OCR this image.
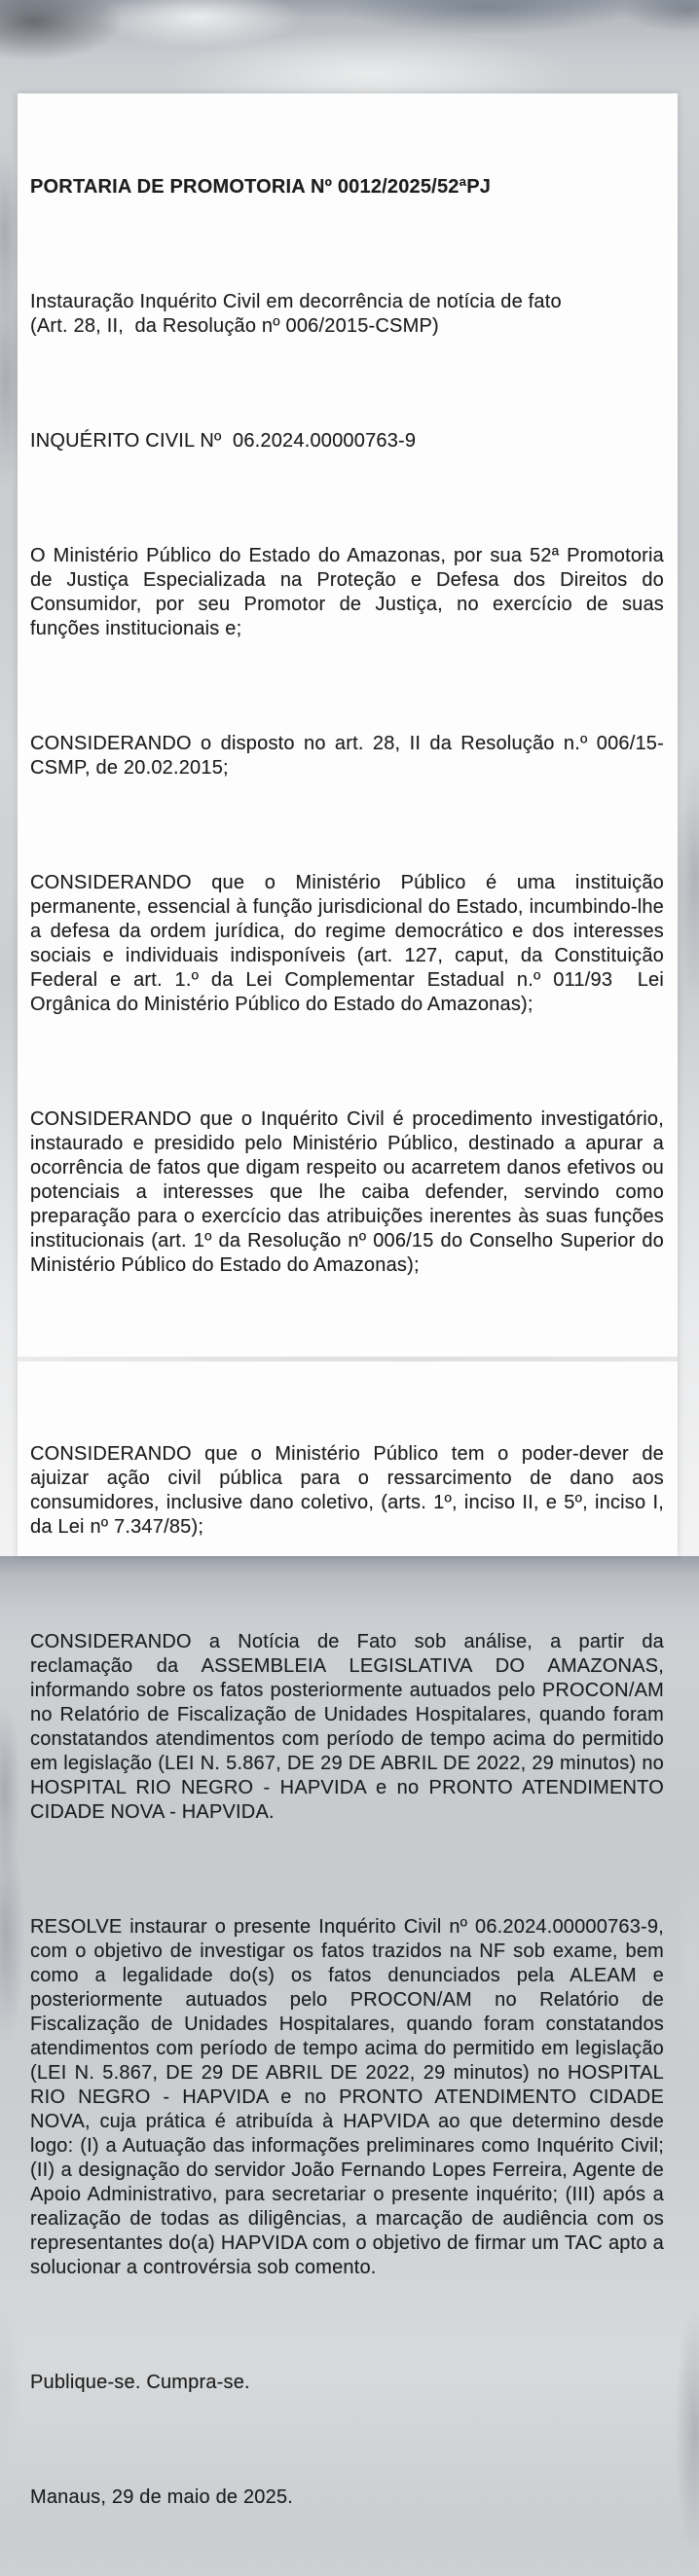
PORTARIA DE PROMOTORIA Nº 0012/2025/52ªPJ

Instauração Inquérito Civil em decorrência de notícia de fato
(Art. 28, II,  da Resolução nº 006/2015-CSMP)

INQUÉRITO CIVIL Nº  06.2024.00000763-9

O Ministério Público do Estado do Amazonas, por sua 52ª Promotoria de Justiça Especializada na Proteção e Defesa dos Direitos do Consumidor, por seu Promotor de Justiça, no exercício de suas funções institucionais e;

CONSIDERANDO o disposto no art. 28, II da Resolução n.º 006/15-CSMP, de 20.02.2015;

CONSIDERANDO que o Ministério Público é uma instituição permanente, essencial à função jurisdicional do Estado, incumbindo-lhe a defesa da ordem jurídica, do regime democrático e dos interesses sociais e individuais indisponíveis (art. 127, caput, da Constituição Federal e art. 1.º da Lei Complementar Estadual n.º 011/93  Lei Orgânica do Ministério Público do Estado do Amazonas);

CONSIDERANDO que o Inquérito Civil é procedimento investigatório, instaurado e presidido pelo Ministério Público, destinado a apurar a ocorrência de fatos que digam respeito ou acarretem danos efetivos ou potenciais a interesses que lhe caiba defender, servindo como preparação para o exercício das atribuições inerentes às suas funções institucionais (art. 1º da Resolução nº 006/15 do Conselho Superior do Ministério Público do Estado do Amazonas);

CONSIDERANDO que o Ministério Público tem o poder-dever de ajuizar ação civil pública para o ressarcimento de dano aos consumidores, inclusive dano coletivo, (arts. 1º, inciso II, e 5º, inciso I, da Lei nº 7.347/85);

CONSIDERANDO a Notícia de Fato sob análise, a partir da reclamação da ASSEMBLEIA LEGISLATIVA DO AMAZONAS, informando sobre os fatos posteriormente autuados pelo PROCON/AM no Relatório de Fiscalização de Unidades Hospitalares, quando foram constatandos atendimentos com período de tempo acima do permitido em legislação (LEI N. 5.867, DE 29 DE ABRIL DE 2022, 29 minutos) no HOSPITAL RIO NEGRO - HAPVIDA e no PRONTO ATENDIMENTO CIDADE NOVA - HAPVIDA.

RESOLVE instaurar o presente Inquérito Civil nº 06.2024.00000763-9, com o objetivo de investigar os fatos trazidos na NF sob exame, bem como a legalidade do(s) os fatos denunciados pela ALEAM e posteriormente autuados pelo PROCON/AM no Relatório de Fiscalização de Unidades Hospitalares, quando foram constatandos atendimentos com período de tempo acima do permitido em legislação (LEI N. 5.867, DE 29 DE ABRIL DE 2022, 29 minutos) no HOSPITAL RIO NEGRO - HAPVIDA e no PRONTO ATENDIMENTO CIDADE NOVA, cuja prática é atribuída à HAPVIDA ao que determino desde logo: (I) a Autuação das informações preliminares como Inquérito Civil; (II) a designação do servidor João Fernando Lopes Ferreira, Agente de Apoio Administrativo, para secretariar o presente inquérito; (III) após a realização de todas as diligências, a marcação de audiência com os representantes do(a) HAPVIDA com o objetivo de firmar um TAC apto a solucionar a controvérsia sob comento.

Publique-se. Cumpra-se.

Manaus, 29 de maio de 2025.
